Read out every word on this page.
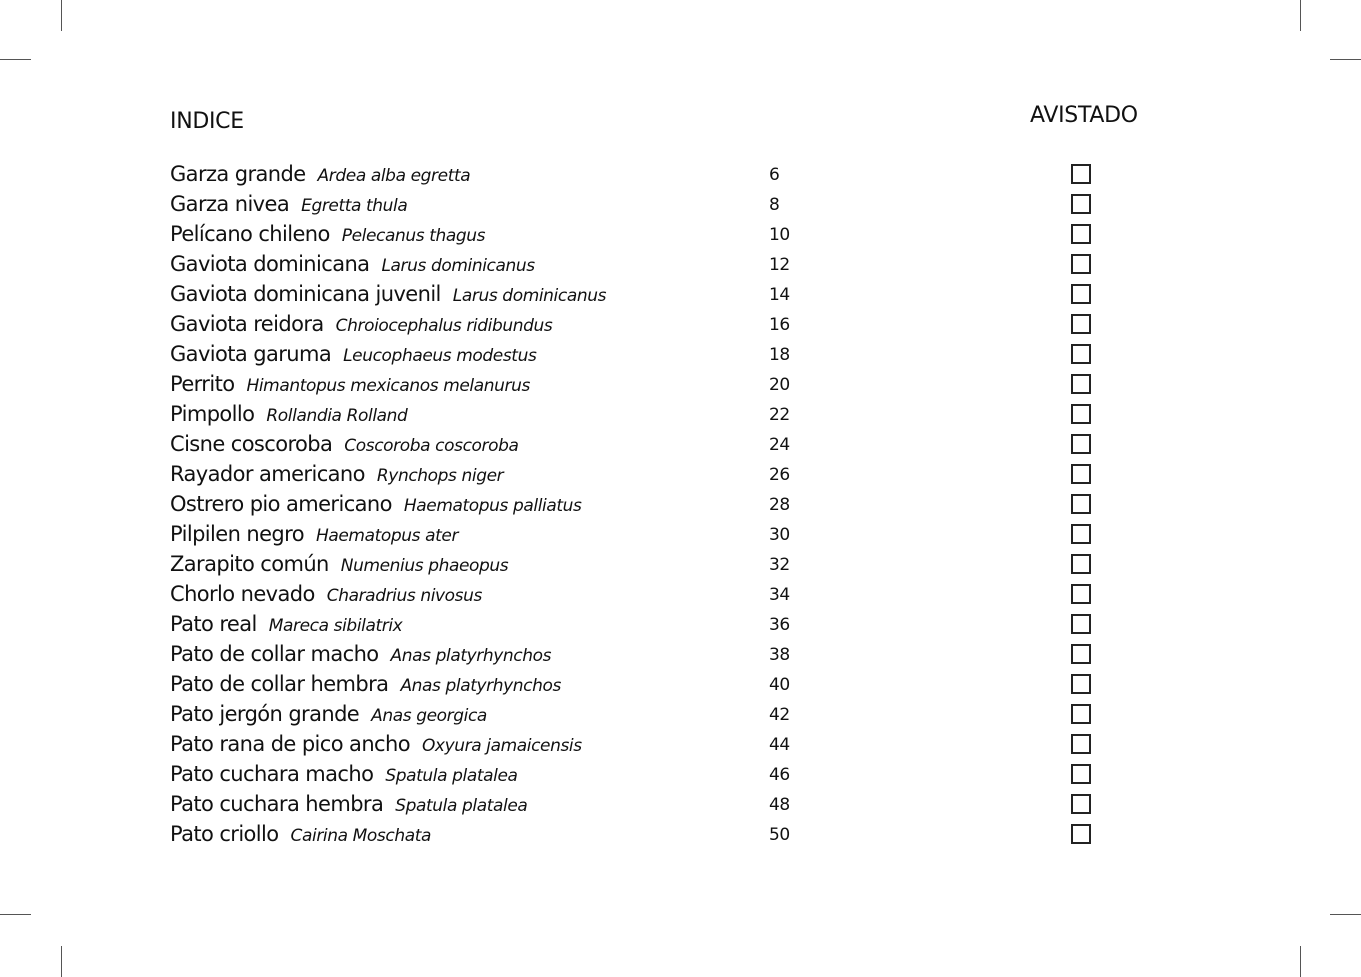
INDICE	AVISTADO
Garza grande Ardea alba egretta	6
Garza nivea Egretta thula	8
Pelícano chileno Pelecanus thagus	10
Gaviota dominicana Larus dominicanus	12
Gaviota dominicana juvenil Larus dominicanus	14
Gaviota reidora Chroiocephalus ridibundus	16
Gaviota garuma Leucophaeus modestus	18
Perrito Himantopus mexicanos melanurus	20
Pimpollo Rollandia Rolland	22
Cisne coscoroba Coscoroba coscoroba	24
Rayador americano Rynchops niger	26
Ostrero pio americano Haematopus palliatus	28
Pilpilen negro Haematopus ater	30
Zarapito común Numenius phaeopus	32
Chorlo nevado Charadrius nivosus	34
Pato real Mareca sibilatrix	36
Pato de collar macho Anas platyrhynchos	38
Pato de collar hembra Anas platyrhynchos	40
Pato jergón grande Anas georgica	42
Pato rana de pico ancho Oxyura jamaicensis	44
Pato cuchara macho Spatula platalea	46
Pato cuchara hembra Spatula platalea	48
Pato criollo Cairina Moschata	50
